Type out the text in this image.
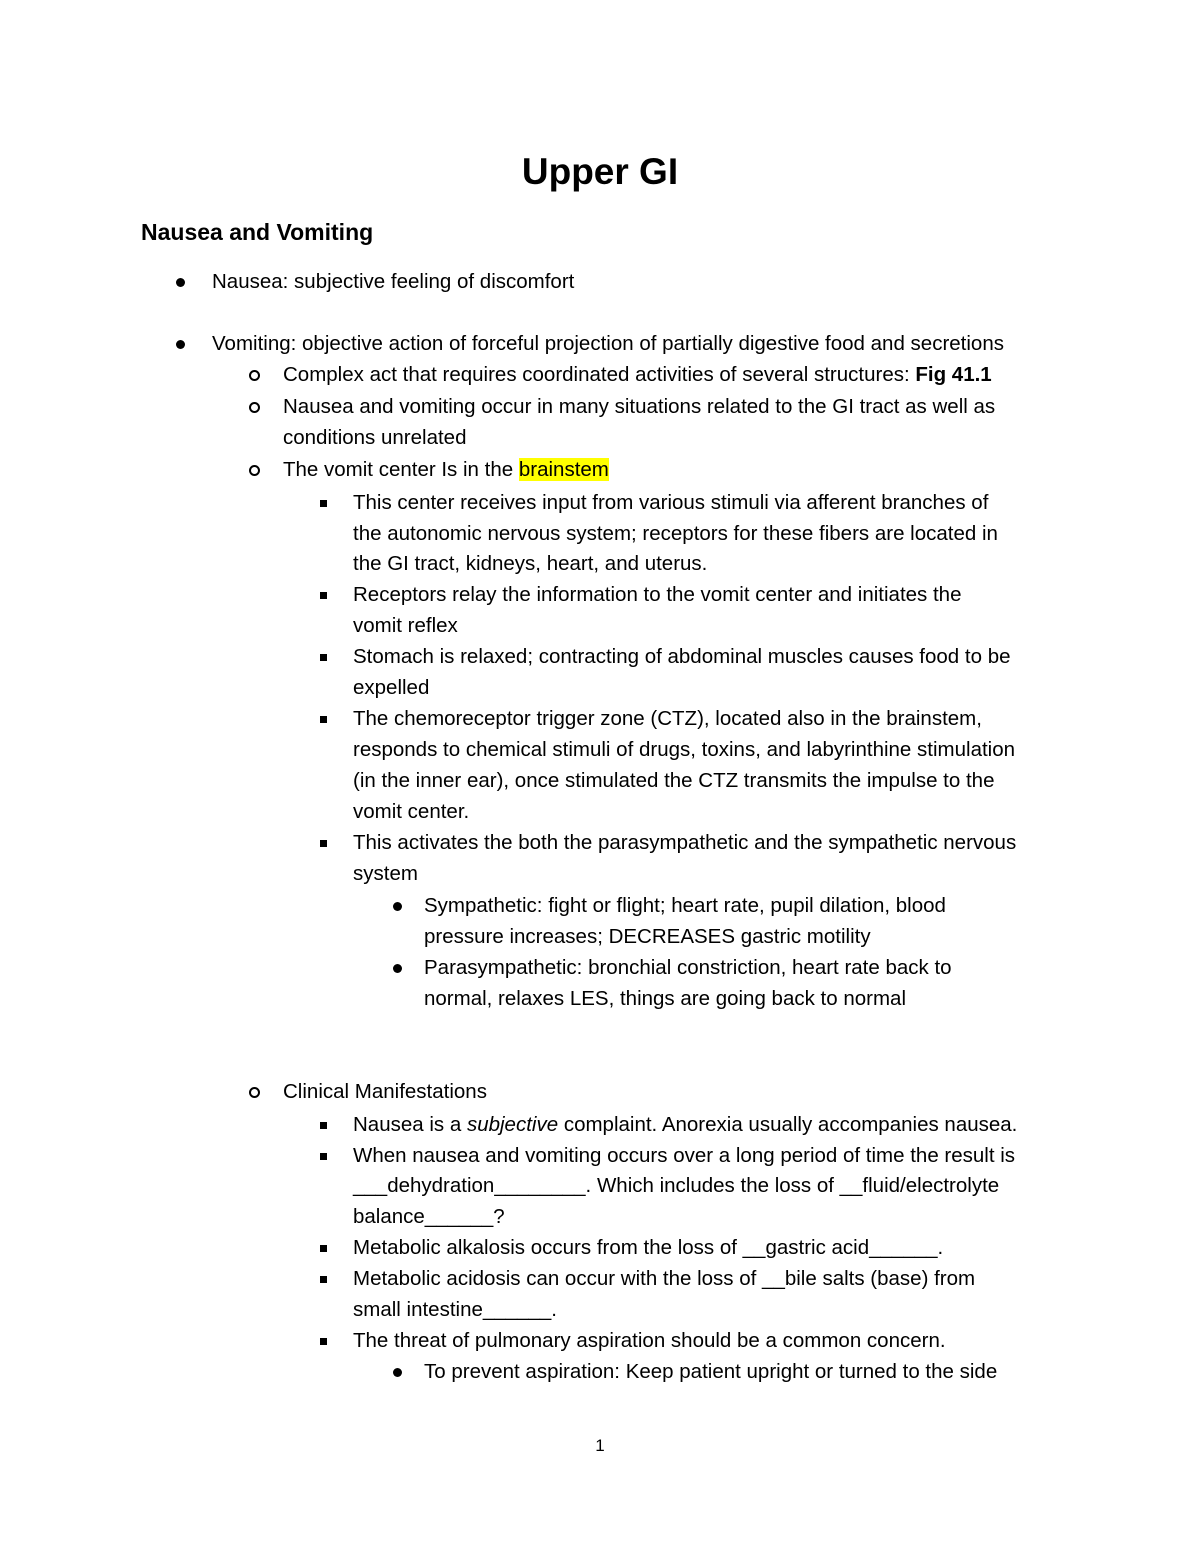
Upper GI
Nausea and Vomiting
Nausea: subjective feeling of discomfort
Vomiting: objective action of forceful projection of partially digestive food and secretions
Complex act that requires coordinated activities of several structures: Fig 41.1
Nausea and vomiting occur in many situations related to the GI tract as well as
conditions unrelated
The vomit center Is in the brainstem
This center receives input from various stimuli via afferent branches of
the autonomic nervous system; receptors for these fibers are located in
the GI tract, kidneys, heart, and uterus.
Receptors relay the information to the vomit center and initiates the
vomit reflex
Stomach is relaxed; contracting of abdominal muscles causes food to be
expelled
The chemoreceptor trigger zone (CTZ), located also in the brainstem,
responds to chemical stimuli of drugs, toxins, and labyrinthine stimulation
(in the inner ear), once stimulated the CTZ transmits the impulse to the
vomit center.
This activates the both the parasympathetic and the sympathetic nervous
system
Sympathetic: fight or flight; heart rate, pupil dilation, blood
pressure increases; DECREASES gastric motility
Parasympathetic: bronchial constriction, heart rate back to
normal, relaxes LES, things are going back to normal
Clinical Manifestations
Nausea is a subjective complaint. Anorexia usually accompanies nausea.
When nausea and vomiting occurs over a long period of time the result is
___dehydration________. Which includes the loss of __fluid/electrolyte
balance______?
Metabolic alkalosis occurs from the loss of __gastric acid______.
Metabolic acidosis can occur with the loss of __bile salts (base) from
small intestine______.
The threat of pulmonary aspiration should be a common concern.
To prevent aspiration: Keep patient upright or turned to the side
1
